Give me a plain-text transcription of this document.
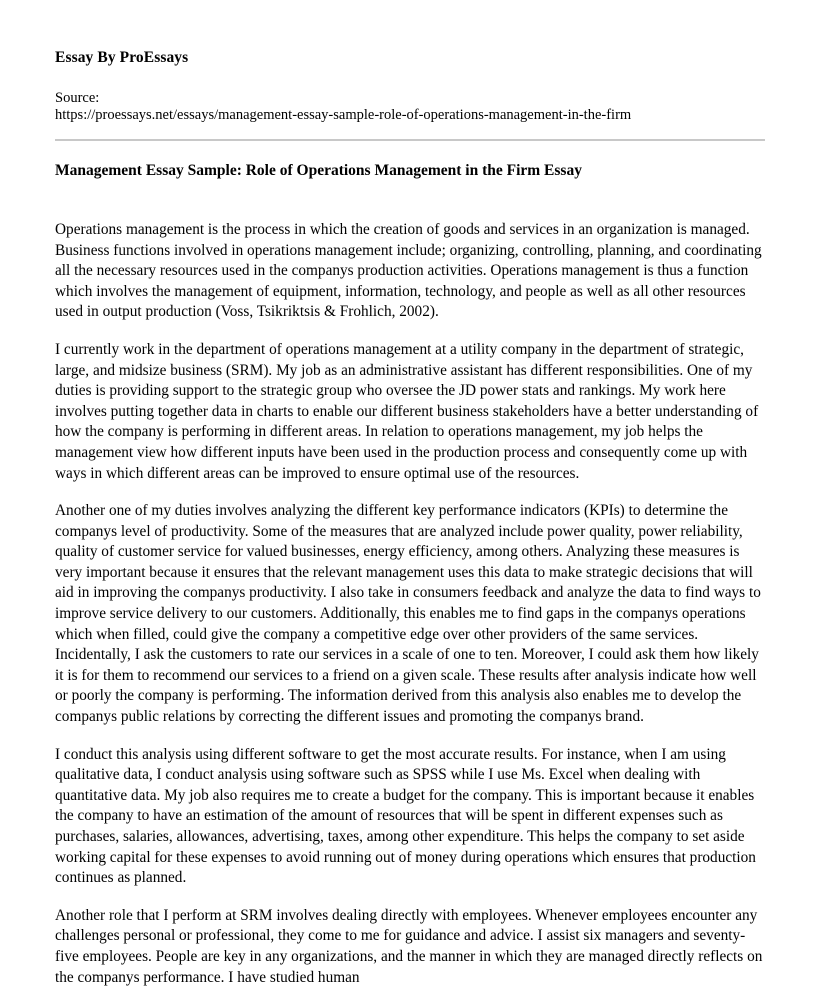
Essay By ProEssays
Source:
https://proessays.net/essays/management-essay-sample-role-of-operations-management-in-the-firm
Management Essay Sample: Role of Operations Management in the Firm Essay

Operations management is the process in which the creation of goods and services in an organization is managed. Business functions involved in operations management include; organizing, controlling, planning, and coordinating all the necessary resources used in the companys production activities. Operations management is thus a function which involves the management of equipment, information, technology, and people as well as all other resources used in output production (Voss, Tsikriktsis & Frohlich, 2002).

I currently work in the department of operations management at a utility company in the department of strategic, large, and midsize business (SRM). My job as an administrative assistant has different responsibilities. One of my duties is providing support to the strategic group who oversee the JD power stats and rankings. My work here involves putting together data in charts to enable our different business stakeholders have a better understanding of how the company is performing in different areas. In relation to operations management, my job helps the management view how different inputs have been used in the production process and consequently come up with ways in which different areas can be improved to ensure optimal use of the resources.

Another one of my duties involves analyzing the different key performance indicators (KPIs) to determine the companys level of productivity. Some of the measures that are analyzed include power quality, power reliability, quality of customer service for valued businesses, energy efficiency, among others. Analyzing these measures is very important because it ensures that the relevant management uses this data to make strategic decisions that will aid in improving the companys productivity. I also take in consumers feedback and analyze the data to find ways to improve service delivery to our customers. Additionally, this enables me to find gaps in the companys operations which when filled, could give the company a competitive edge over other providers of the same services. Incidentally, I ask the customers to rate our services in a scale of one to ten. Moreover, I could ask them how likely it is for them to recommend our services to a friend on a given scale. These results after analysis indicate how well or poorly the company is performing. The information derived from this analysis also enables me to develop the companys public relations by correcting the different issues and promoting the companys brand.

I conduct this analysis using different software to get the most accurate results. For instance, when I am using qualitative data, I conduct analysis using software such as SPSS while I use Ms. Excel when dealing with quantitative data. My job also requires me to create a budget for the company. This is important because it enables the company to have an estimation of the amount of resources that will be spent in different expenses such as purchases, salaries, allowances, advertising, taxes, among other expenditure. This helps the company to set aside working capital for these expenses to avoid running out of money during operations which ensures that production continues as planned.

Another role that I perform at SRM involves dealing directly with employees. Whenever employees encounter any challenges personal or professional, they come to me for guidance and advice. I assist six managers and seventy-five employees. People are key in any organizations, and the manner in which they are managed directly reflects on the companys performance. I have studied human
